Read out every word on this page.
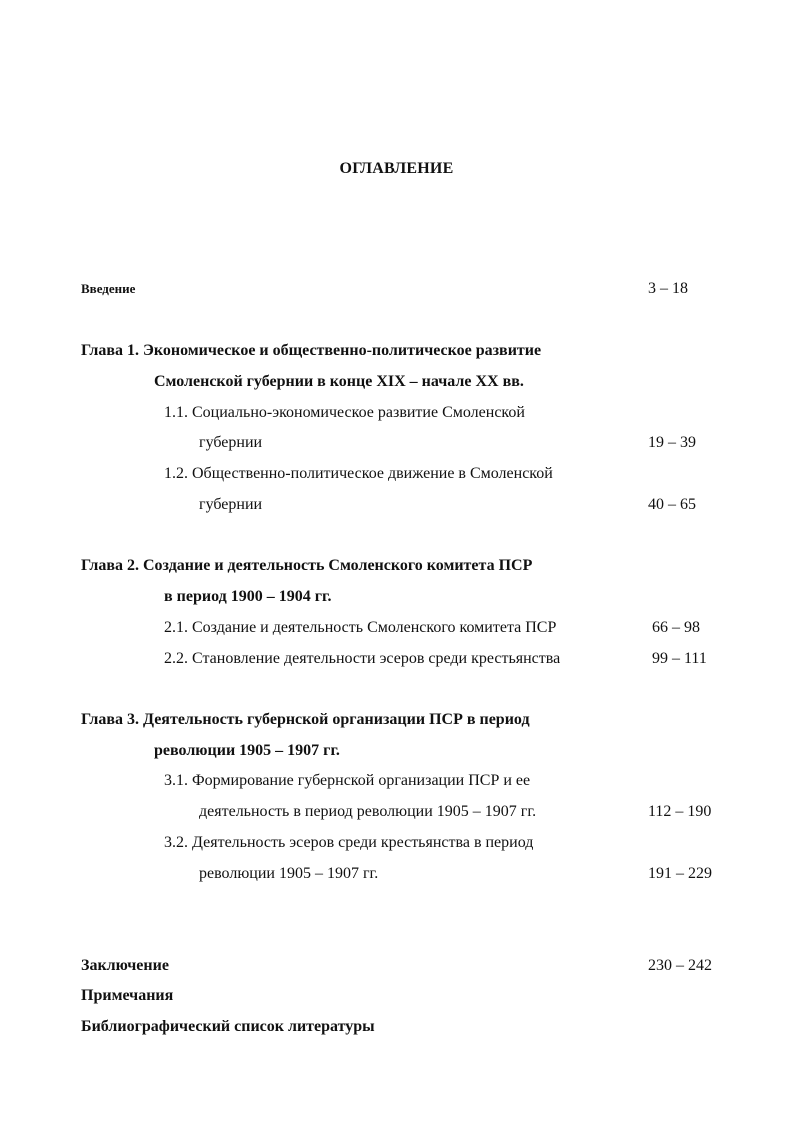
ОГЛАВЛЕНИЕ
Введение	3 – 18
Глава 1. Экономическое и общественно-политическое развитие
Смоленской губернии в конце XIX – начале XX вв.
1.1. Социально-экономическое развитие Смоленской
губернии	19 – 39
1.2. Общественно-политическое движение в Смоленской
губернии	40 – 65
Глава 2. Создание и деятельность Смоленского комитета ПСР
в период 1900 – 1904 гг.
2.1. Создание и деятельность Смоленского комитета ПСР	66 – 98
2.2. Становление деятельности эсеров среди крестьянства	99 – 111
Глава 3. Деятельность губернской организации ПСР в период
революции 1905 – 1907 гг.
3.1. Формирование губернской организации ПСР и ее
деятельность в период революции 1905 – 1907 гг.	112 – 190
3.2. Деятельность эсеров среди крестьянства в период
революции 1905 – 1907 гг.	191 – 229
Заключение	230 – 242
Примечания
Библиографический список литературы
